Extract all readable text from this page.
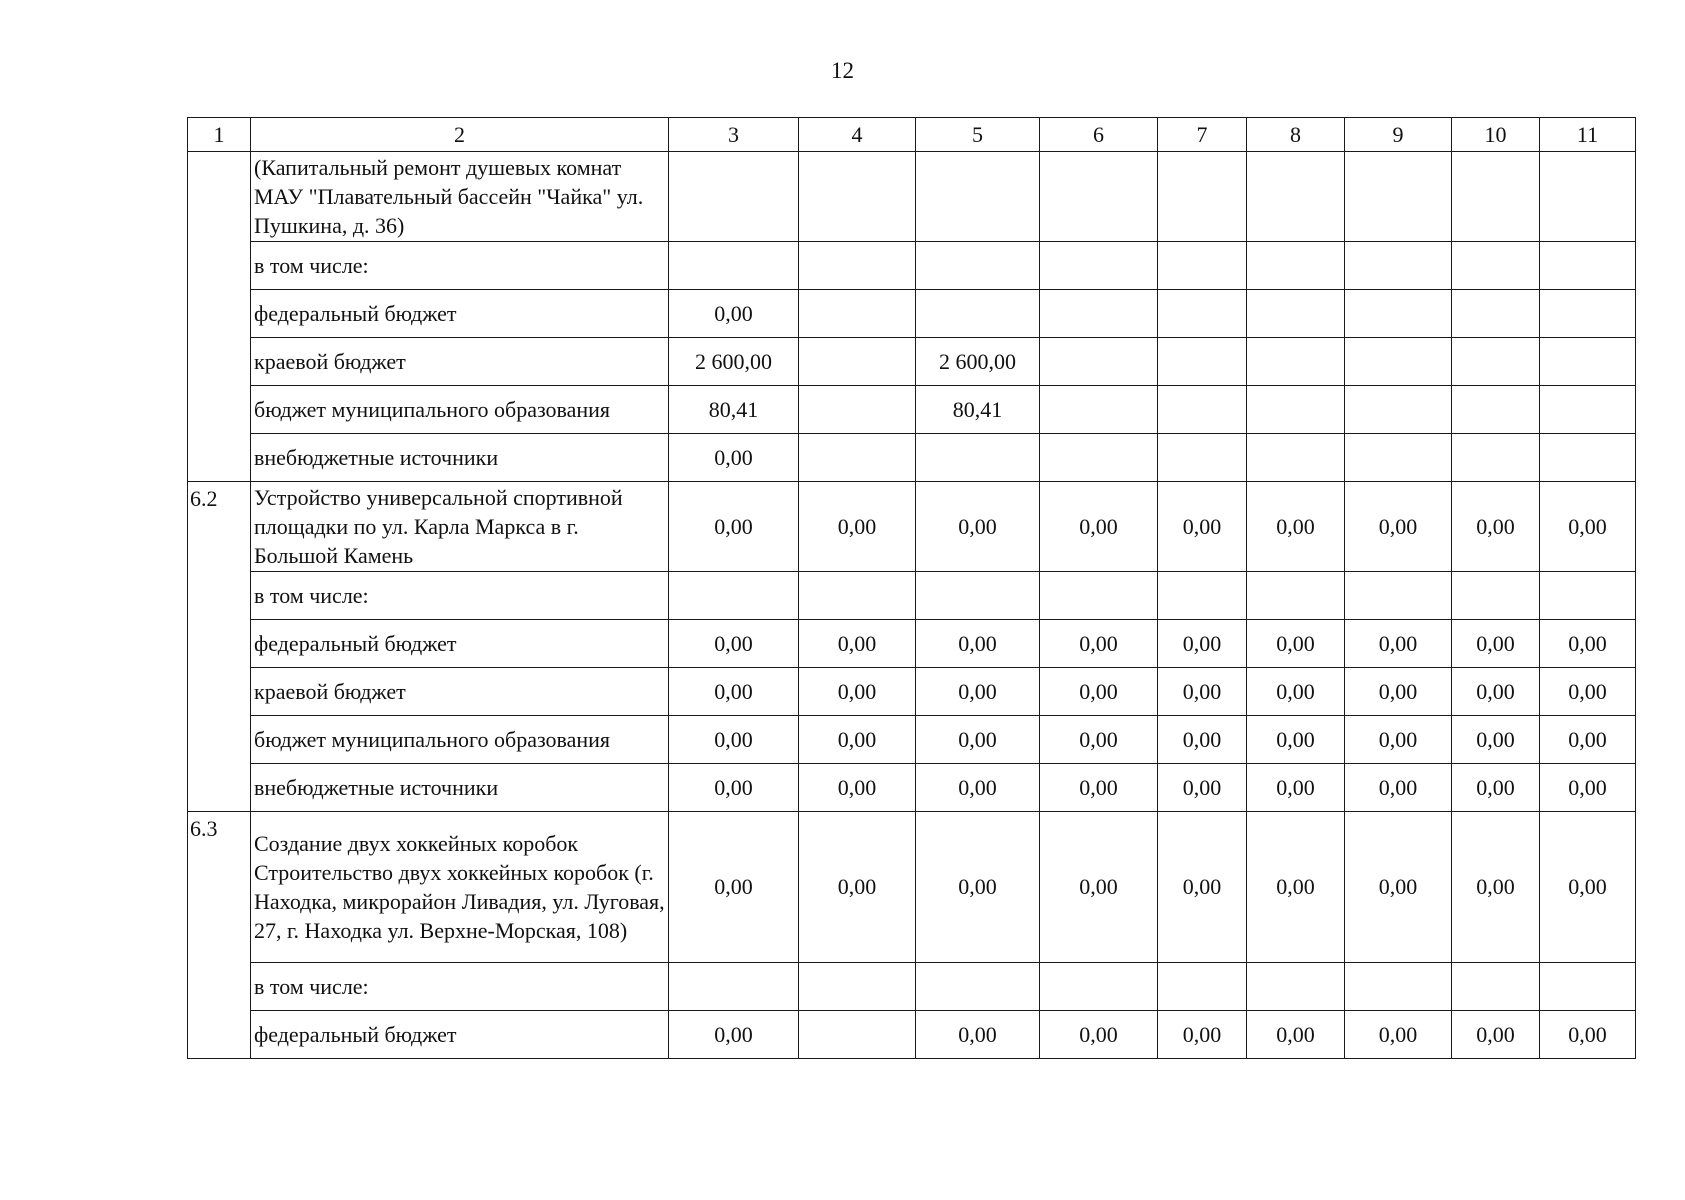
12
1	2	3	4	5	6	7	8	9	10	11
	(Капитальный ремонт душевых комнат МАУ "Плавательный бассейн "Чайка" ул. Пушкина, д. 36)									
	в том числе:									
	федеральный бюджет	0,00								
	краевой бюджет	2 600,00		2 600,00						
	бюджет муниципального образования	80,41		80,41						
	внебюджетные источники	0,00								
6.2	Устройство универсальной спортивной площадки по ул. Карла Маркса в г. Большой Камень	0,00	0,00	0,00	0,00	0,00	0,00	0,00	0,00	0,00
	в том числе:									
	федеральный бюджет	0,00	0,00	0,00	0,00	0,00	0,00	0,00	0,00	0,00
	краевой бюджет	0,00	0,00	0,00	0,00	0,00	0,00	0,00	0,00	0,00
	бюджет муниципального образования	0,00	0,00	0,00	0,00	0,00	0,00	0,00	0,00	0,00
	внебюджетные источники	0,00	0,00	0,00	0,00	0,00	0,00	0,00	0,00	0,00
6.3	Создание двух хоккейных коробок Строительство двух хоккейных коробок (г. Находка, микрорайон Ливадия, ул. Луговая, 27, г. Находка ул. Верхне-Морская, 108)	0,00	0,00	0,00	0,00	0,00	0,00	0,00	0,00	0,00
	в том числе:									
	федеральный бюджет	0,00		0,00	0,00	0,00	0,00	0,00	0,00	0,00
